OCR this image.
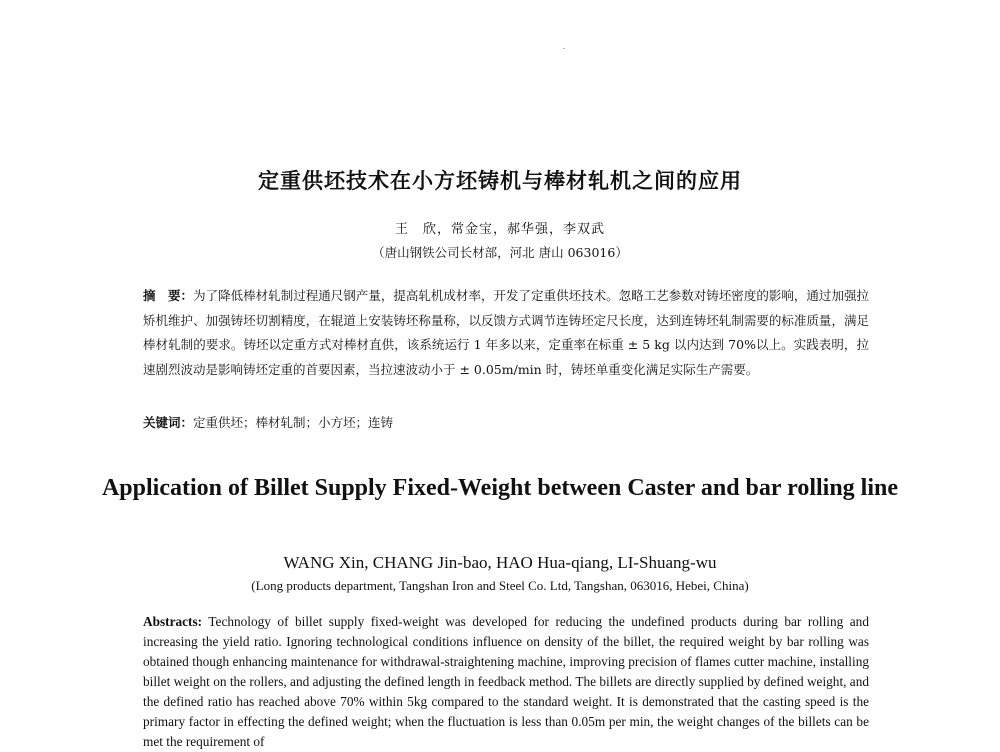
定重供坯技术在小方坯铸机与棒材轧机之间的应用
王　欣，常金宝，郝华强，李双武
（唐山钢铁公司长材部，河北 唐山 063016）
摘　要：为了降低棒材轧制过程通尺钢产量，提高轧机成材率，开发了定重供坯技术。忽略工艺参数对铸坯密度的影响，通过加强拉矫机维护、加强铸坯切割精度，在辊道上安装铸坯称量称，以反馈方式调节连铸坯定尺长度，达到连铸坯轧制需要的标准质量，满足棒材轧制的要求。铸坯以定重方式对棒材直供，该系统运行 1 年多以来，定重率在标重 ± 5 kg 以内达到 70%以上。实践表明，拉速剧烈波动是影响铸坯定重的首要因素，当拉速波动小于 ± 0.05m/min 时，铸坯单重变化满足实际生产需要。
关键词：定重供坯；棒材轧制；小方坯；连铸
Application of Billet Supply Fixed-Weight between Caster and bar rolling line
WANG Xin, CHANG Jin-bao, HAO Hua-qiang, LI-Shuang-wu
(Long products department, Tangshan Iron and Steel Co. Ltd, Tangshan, 063016, Hebei, China)
Abstracts: Technology of billet supply fixed-weight was developed for reducing the undefined products during bar rolling and increasing the yield ratio. Ignoring technological conditions influence on density of the billet, the required weight by bar rolling was obtained though enhancing maintenance for withdrawal-straightening machine, improving precision of flames cutter machine, installing billet weight on the rollers, and adjusting the defined length in feedback method. The billets are directly supplied by defined weight, and the defined ratio has reached above 70% within 5kg compared to the standard weight. It is demonstrated that the casting speed is the primary factor in effecting the defined weight; when the fluctuation is less than 0.05m per min, the weight changes of the billets can be met the requirement of
